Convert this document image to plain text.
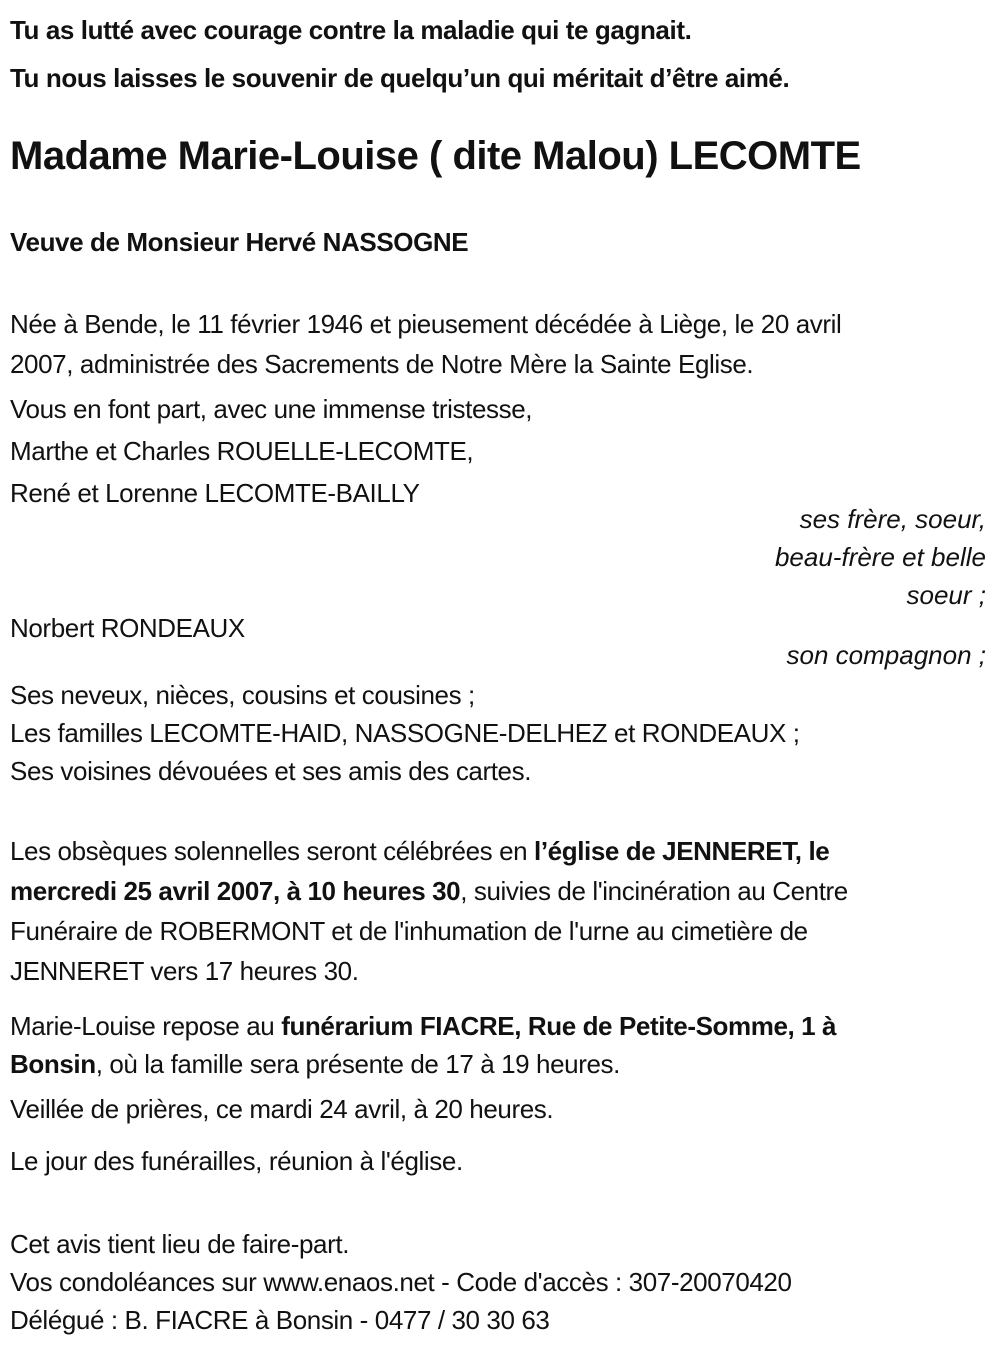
Tu as lutté avec courage contre la maladie qui te gagnait.
Tu nous laisses le souvenir de quelqu’un qui méritait d’être aimé.
Madame Marie-Louise ( dite Malou) LECOMTE
Veuve de Monsieur Hervé NASSOGNE
Née à Bende, le 11 février 1946 et pieusement décédée à Liège, le 20 avril
2007, administrée des Sacrements de Notre Mère la Sainte Eglise.
Vous en font part, avec une immense tristesse,
Marthe et Charles ROUELLE-LECOMTE,
René et Lorenne LECOMTE-BAILLY
ses frère, soeur,
beau-frère et belle
soeur ;
Norbert RONDEAUX
son compagnon ;
Ses neveux, nièces, cousins et cousines ;
Les familles LECOMTE-HAID, NASSOGNE-DELHEZ et RONDEAUX ;
Ses voisines dévouées et ses amis des cartes.
Les obsèques solennelles seront célébrées en l’église de JENNERET, le
mercredi 25 avril 2007, à 10 heures 30, suivies de l'incinération au Centre
Funéraire de ROBERMONT et de l'inhumation de l'urne au cimetière de
JENNERET vers 17 heures 30.
Marie-Louise repose au funérarium FIACRE, Rue de Petite-Somme, 1 à
Bonsin, où la famille sera présente de 17 à 19 heures.
Veillée de prières, ce mardi 24 avril, à 20 heures.
Le jour des funérailles, réunion à l'église.
Cet avis tient lieu de faire-part.
Vos condoléances sur www.enaos.net - Code d'accès : 307-20070420
Délégué : B. FIACRE à Bonsin - 0477 / 30 30 63
